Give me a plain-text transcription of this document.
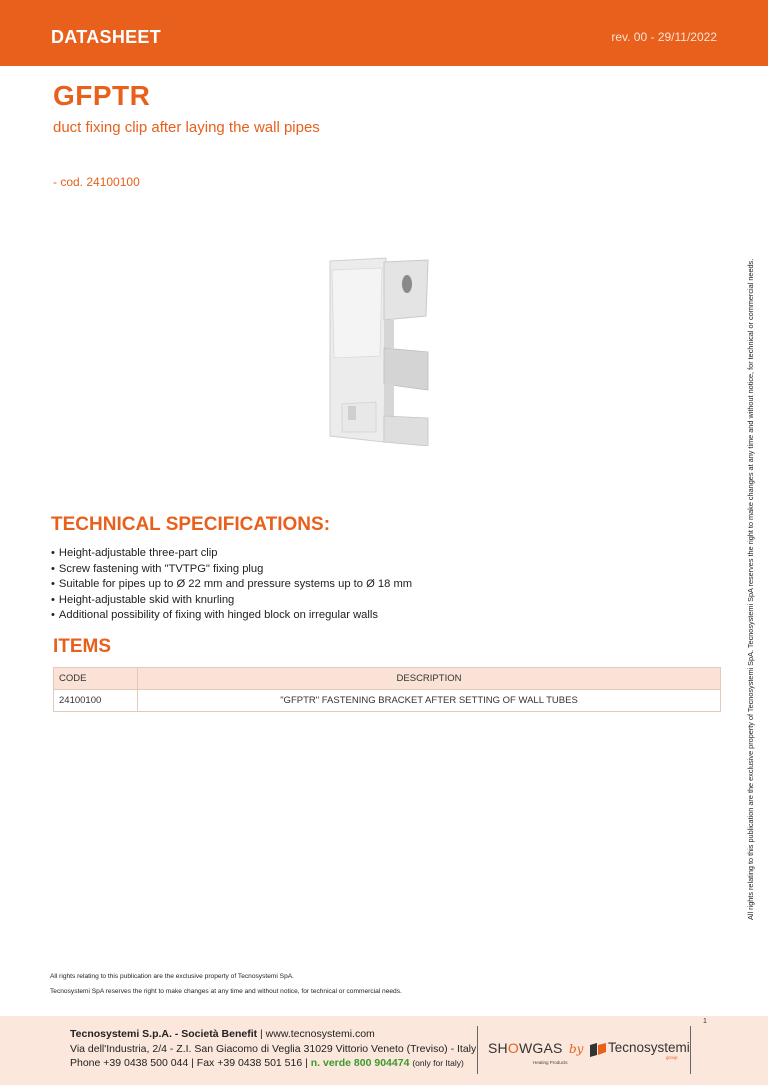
DATASHEET	rev. 00 - 29/11/2022
GFPTR
duct fixing clip after laying the wall pipes
- cod. 24100100
All rights relating to this publication are the exclusive property of Tecnosystemi SpA. Tecnosystemi SpA reserves the right to make changes at any time and without notice, for technical or commercial needs.
TECHNICAL SPECIFICATIONS:
• Height-adjustable three-part clip
• Screw fastening with "TVTPG" fixing plug
• Suitable for pipes up to Ø 22 mm and pressure systems up to Ø 18 mm
• Height-adjustable skid with knurling
• Additional possibility of fixing with hinged block on irregular walls
ITEMS
CODE	DESCRIPTION
24100100	"GFPTR" FASTENING BRACKET AFTER SETTING OF WALL TUBES
All rights relating to this publication are the exclusive property of Tecnosystemi SpA.
Tecnosystemi SpA reserves the right to make changes at any time and without notice, for technical or commercial needs.
1
Tecnosystemi S.p.A. - Società Benefit | www.tecnosystemi.com
Via dell'Industria, 2/4 - Z.I. San Giacomo di Veglia 31029 Vittorio Veneto (Treviso) - Italy
Phone +39 0438 500 044 | Fax +39 0438 501 516 | n. verde 800 904474 (only for Italy)
SHOWGAS
Heating Products
by Tecnosystemi
group
